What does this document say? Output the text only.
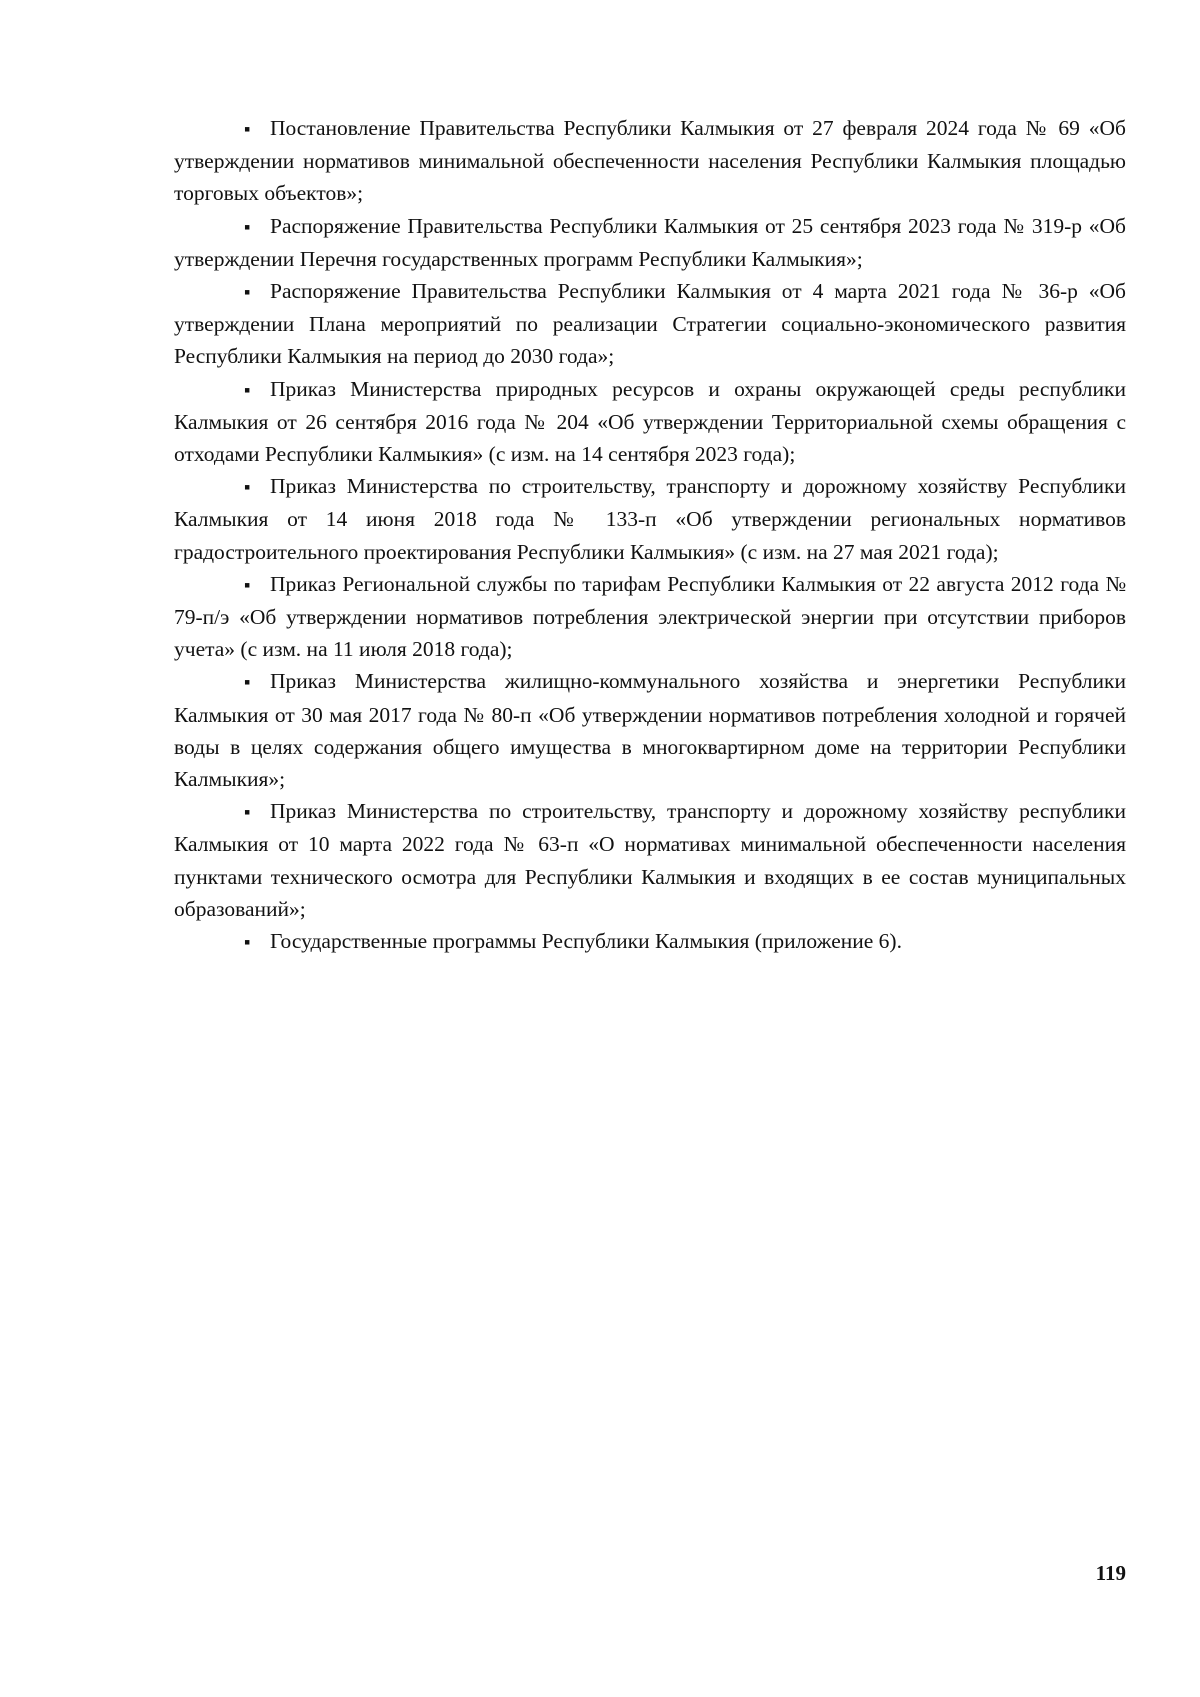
▪ Постановление Правительства Республики Калмыкия от 27 февраля 2024 года № 69 «Об утверждении нормативов минимальной обеспеченности населения Республики Калмыкия площадью торговых объектов»;

▪ Распоряжение Правительства Республики Калмыкия от 25 сентября 2023 года № 319-р «Об утверждении Перечня государственных программ Республики Калмыкия»;

▪ Распоряжение Правительства Республики Калмыкия от 4 марта 2021 года № 36-р «Об утверждении Плана мероприятий по реализации Стратегии социально-экономического развития Республики Калмыкия на период до 2030 года»;

▪ Приказ Министерства природных ресурсов и охраны окружающей среды республики Калмыкия от 26 сентября 2016 года № 204 «Об утверждении Территориальной схемы обращения с отходами Республики Калмыкия» (с изм. на 14 сентября 2023 года);

▪ Приказ Министерства по строительству, транспорту и дорожному хозяйству Республики Калмыкия от 14 июня 2018 года № 133-п «Об утверждении региональных нормативов градостроительного проектирования Республики Калмыкия» (с изм. на 27 мая 2021 года);

▪ Приказ Региональной службы по тарифам Республики Калмыкия от 22 августа 2012 года № 79-п/э «Об утверждении нормативов потребления электрической энергии при отсутствии приборов учета» (с изм. на 11 июля 2018 года);

▪ Приказ Министерства жилищно-коммунального хозяйства и энергетики Республики Калмыкия от 30 мая 2017 года № 80-п «Об утверждении нормативов потребления холодной и горячей воды в целях содержания общего имущества в многоквартирном доме на территории Республики Калмыкия»;

▪ Приказ Министерства по строительству, транспорту и дорожному хозяйству республики Калмыкия от 10 марта 2022 года № 63-п «О нормативах минимальной обеспеченности населения пунктами технического осмотра для Республики Калмыкия и входящих в ее состав муниципальных образований»;

▪ Государственные программы Республики Калмыкия (приложение 6).

119
